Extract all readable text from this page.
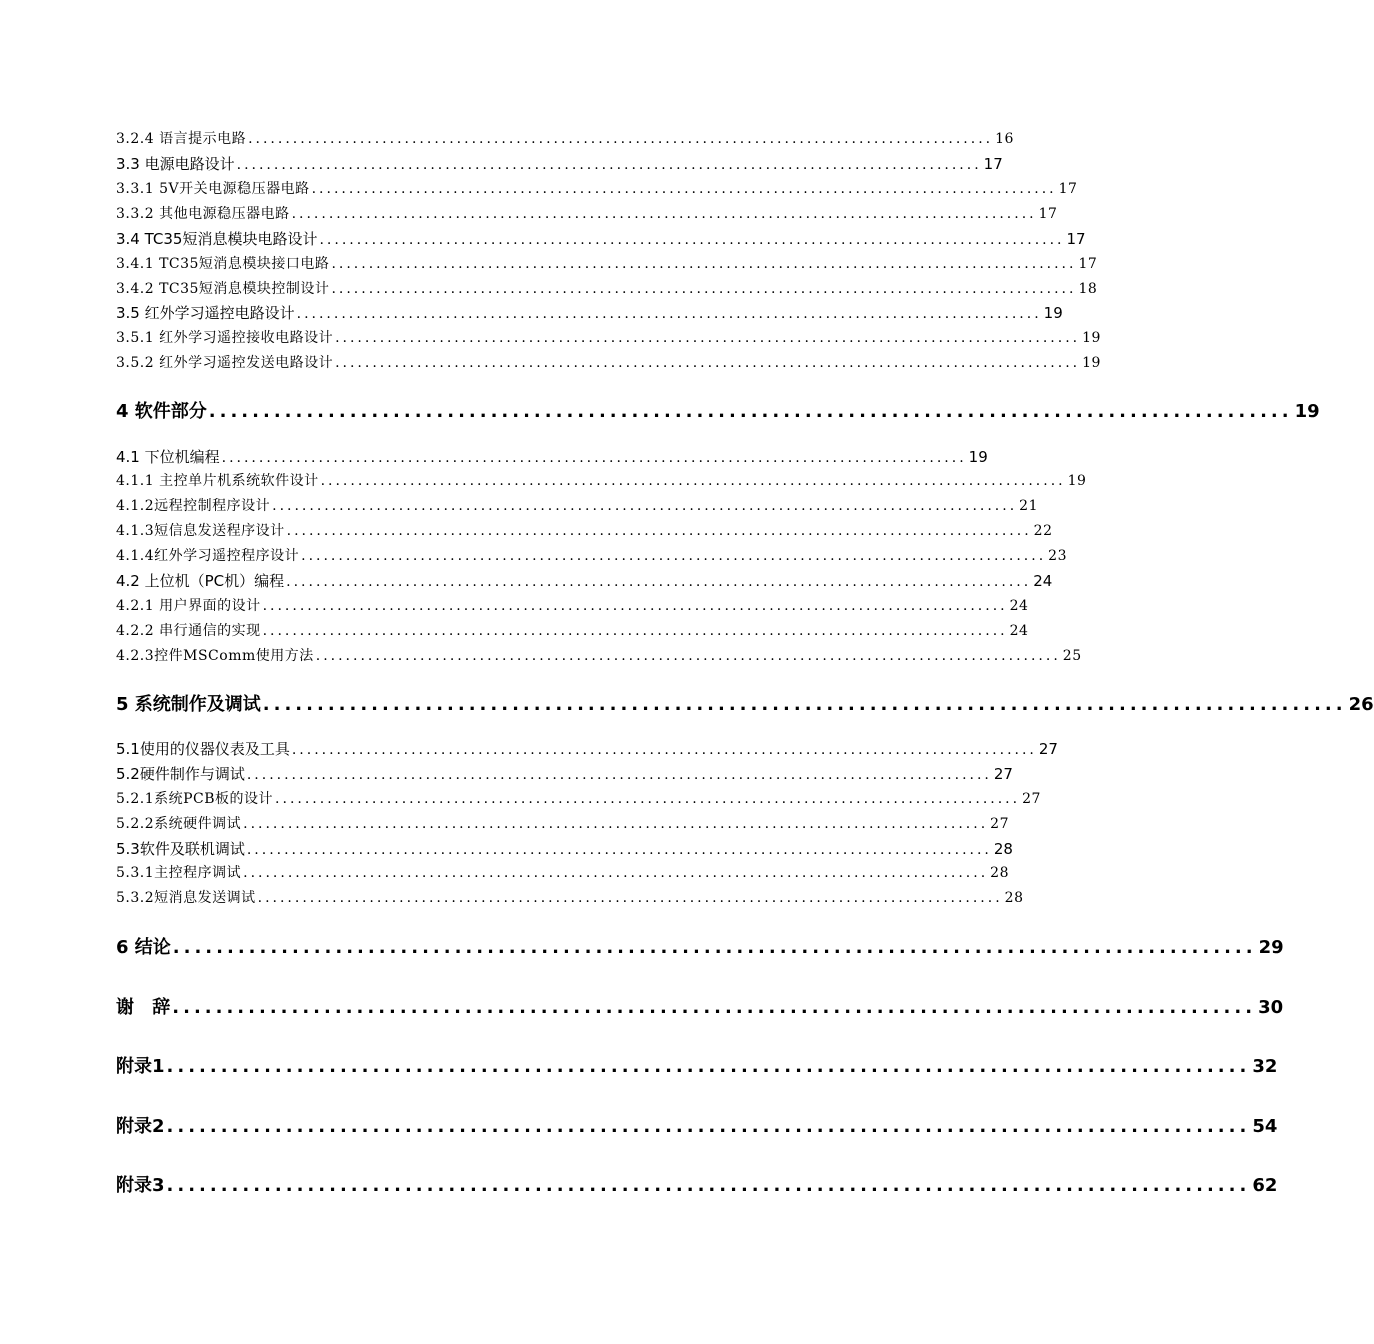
3.2.4 语言提示电路 .................................................................................................... 16
3.3 电源电路设计 .................................................................................................... 17
3.3.1 5V开关电源稳压器电路 .................................................................................................... 17
3.3.2 其他电源稳压器电路 .................................................................................................... 17
3.4 TC35短消息模块电路设计 .................................................................................................... 17
3.4.1 TC35短消息模块接口电路 .................................................................................................... 17
3.4.2 TC35短消息模块控制设计 .................................................................................................... 18
3.5 红外学习遥控电路设计 .................................................................................................... 19
3.5.1 红外学习遥控接收电路设计 .................................................................................................... 19
3.5.2 红外学习遥控发送电路设计 .................................................................................................... 19
4 软件部分 .................................................................................................... 19
4.1 下位机编程 .................................................................................................... 19
4.1.1 主控单片机系统软件设计 .................................................................................................... 19
4.1.2远程控制程序设计 .................................................................................................... 21
4.1.3短信息发送程序设计 .................................................................................................... 22
4.1.4红外学习遥控程序设计 .................................................................................................... 23
4.2 上位机（PC机）编程 .................................................................................................... 24
4.2.1 用户界面的设计 .................................................................................................... 24
4.2.2 串行通信的实现 .................................................................................................... 24
4.2.3控件MSComm使用方法 .................................................................................................... 25
5 系统制作及调试 .................................................................................................... 26
5.1使用的仪器仪表及工具 .................................................................................................... 27
5.2硬件制作与调试 .................................................................................................... 27
5.2.1系统PCB板的设计 .................................................................................................... 27
5.2.2系统硬件调试 .................................................................................................... 27
5.3软件及联机调试 .................................................................................................... 28
5.3.1主控程序调试 .................................................................................................... 28
5.3.2短消息发送调试 .................................................................................................... 28
6 结论 .................................................................................................... 29
谢 辞 .................................................................................................... 30
附录1 .................................................................................................... 32
附录2 .................................................................................................... 54
附录3 .................................................................................................... 62
